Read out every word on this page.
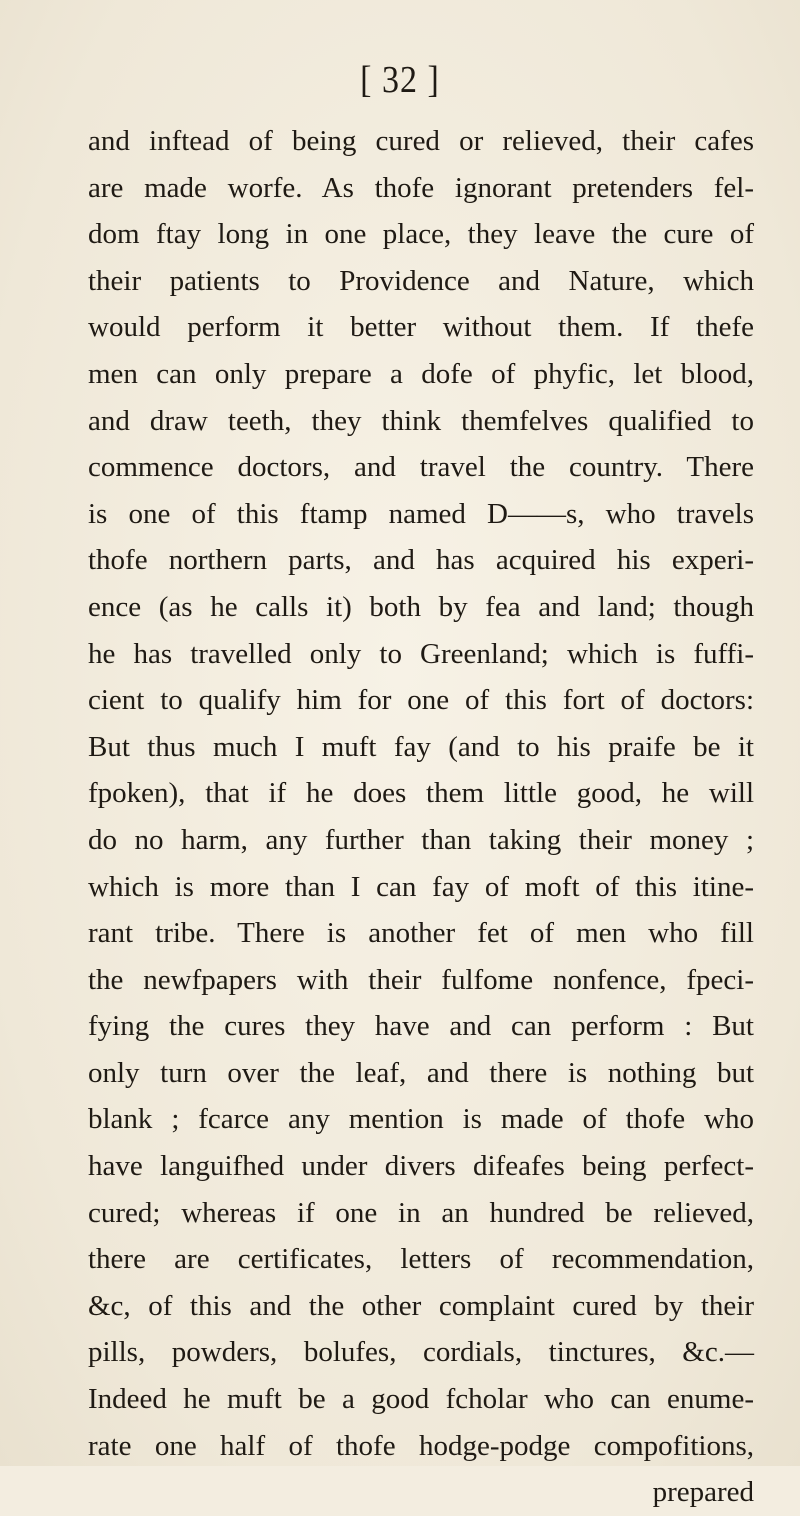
[ 32 ]
and inftead of being cured or relieved, their cafes
are made worfe. As thofe ignorant pretenders fel-
dom ftay long in one place, they leave the cure of
their patients to Providence and Nature, which
would perform it better without them. If thefe
men can only prepare a dofe of phyfic, let blood,
and draw teeth, they think themfelves qualified to
commence doctors, and travel the country. There
is one of this ftamp named D——s, who travels
thofe northern parts, and has acquired his experi-
ence (as he calls it) both by fea and land; though
he has travelled only to Greenland; which is fuffi-
cient to qualify him for one of this fort of doctors:
But thus much I muft fay (and to his praife be it
fpoken), that if he does them little good, he will
do no harm, any further than taking their money ;
which is more than I can fay of moft of this itine-
rant tribe. There is another fet of men who fill
the newfpapers with their fulfome nonfence, fpeci-
fying the cures they have and can perform : But
only turn over the leaf, and there is nothing but
blank ; fcarce any mention is made of thofe who
have languifhed under divers difeafes being perfect-
cured; whereas if one in an hundred be relieved,
there are certificates, letters of recommendation,
&c, of this and the other complaint cured by their
pills, powders, bolufes, cordials, tinctures, &c.—
Indeed he muft be a good fcholar who can enume-
rate one half of thofe hodge-podge compofitions,
prepared
